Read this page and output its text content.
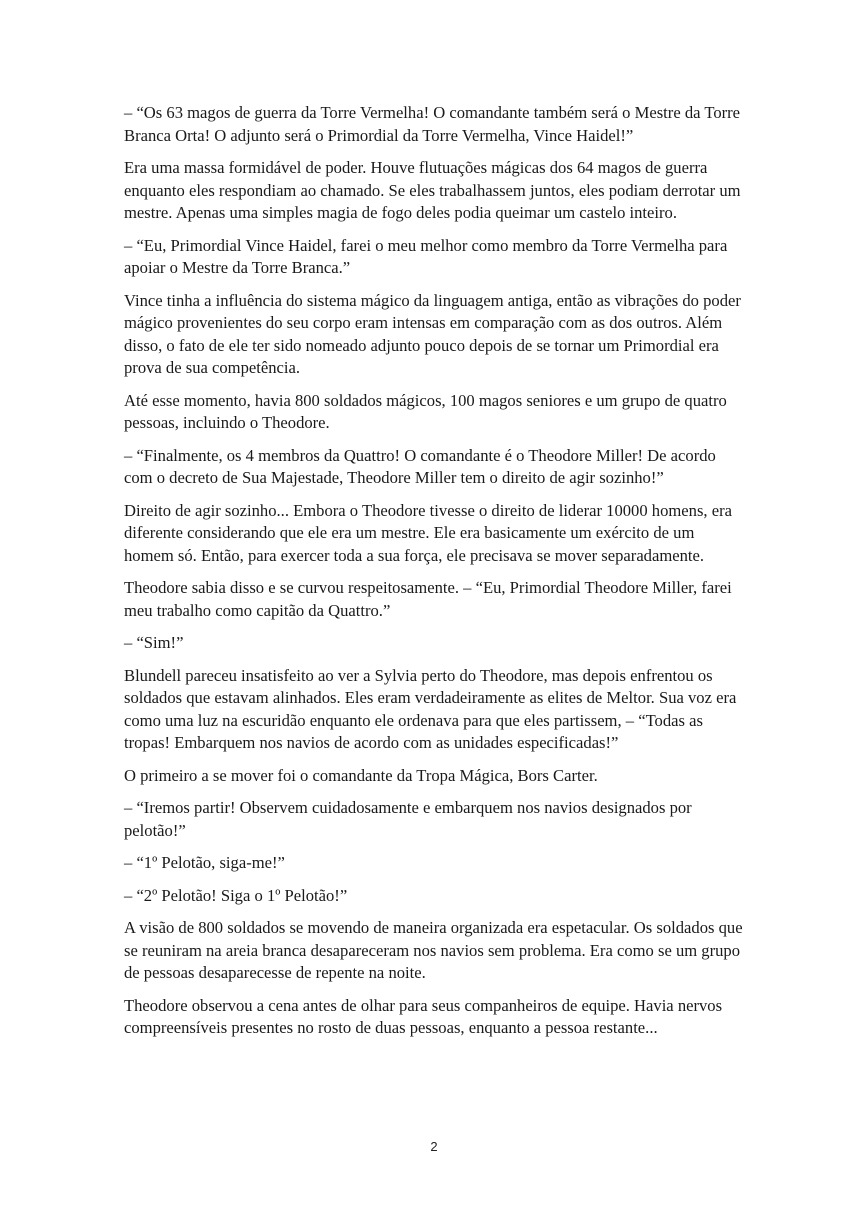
– “Os 63 magos de guerra da Torre Vermelha! O comandante também será o Mestre da Torre Branca Orta! O adjunto será o Primordial da Torre Vermelha, Vince Haidel!”

Era uma massa formidável de poder. Houve flutuações mágicas dos 64 magos de guerra enquanto eles respondiam ao chamado. Se eles trabalhassem juntos, eles podiam derrotar um mestre. Apenas uma simples magia de fogo deles podia queimar um castelo inteiro.

– “Eu, Primordial Vince Haidel, farei o meu melhor como membro da Torre Vermelha para apoiar o Mestre da Torre Branca.”

Vince tinha a influência do sistema mágico da linguagem antiga, então as vibrações do poder mágico provenientes do seu corpo eram intensas em comparação com as dos outros. Além disso, o fato de ele ter sido nomeado adjunto pouco depois de se tornar um Primordial era prova de sua competência.

Até esse momento, havia 800 soldados mágicos, 100 magos seniores e um grupo de quatro pessoas, incluindo o Theodore.

– “Finalmente, os 4 membros da Quattro! O comandante é o Theodore Miller! De acordo com o decreto de Sua Majestade, Theodore Miller tem o direito de agir sozinho!”

Direito de agir sozinho... Embora o Theodore tivesse o direito de liderar 10000 homens, era diferente considerando que ele era um mestre. Ele era basicamente um exército de um homem só. Então, para exercer toda a sua força, ele precisava se mover separadamente.

Theodore sabia disso e se curvou respeitosamente. – “Eu, Primordial Theodore Miller, farei meu trabalho como capitão da Quattro.”

– “Sim!”

Blundell pareceu insatisfeito ao ver a Sylvia perto do Theodore, mas depois enfrentou os soldados que estavam alinhados. Eles eram verdadeiramente as elites de Meltor. Sua voz era como uma luz na escuridão enquanto ele ordenava para que eles partissem, – “Todas as tropas! Embarquem nos navios de acordo com as unidades especificadas!”

O primeiro a se mover foi o comandante da Tropa Mágica, Bors Carter.

– “Iremos partir! Observem cuidadosamente e embarquem nos navios designados por pelotão!”

– “1º Pelotão, siga-me!”

– “2º Pelotão! Siga o 1º Pelotão!”

A visão de 800 soldados se movendo de maneira organizada era espetacular. Os soldados que se reuniram na areia branca desapareceram nos navios sem problema. Era como se um grupo de pessoas desaparecesse de repente na noite.

Theodore observou a cena antes de olhar para seus companheiros de equipe. Havia nervos compreensíveis presentes no rosto de duas pessoas, enquanto a pessoa restante...

2
